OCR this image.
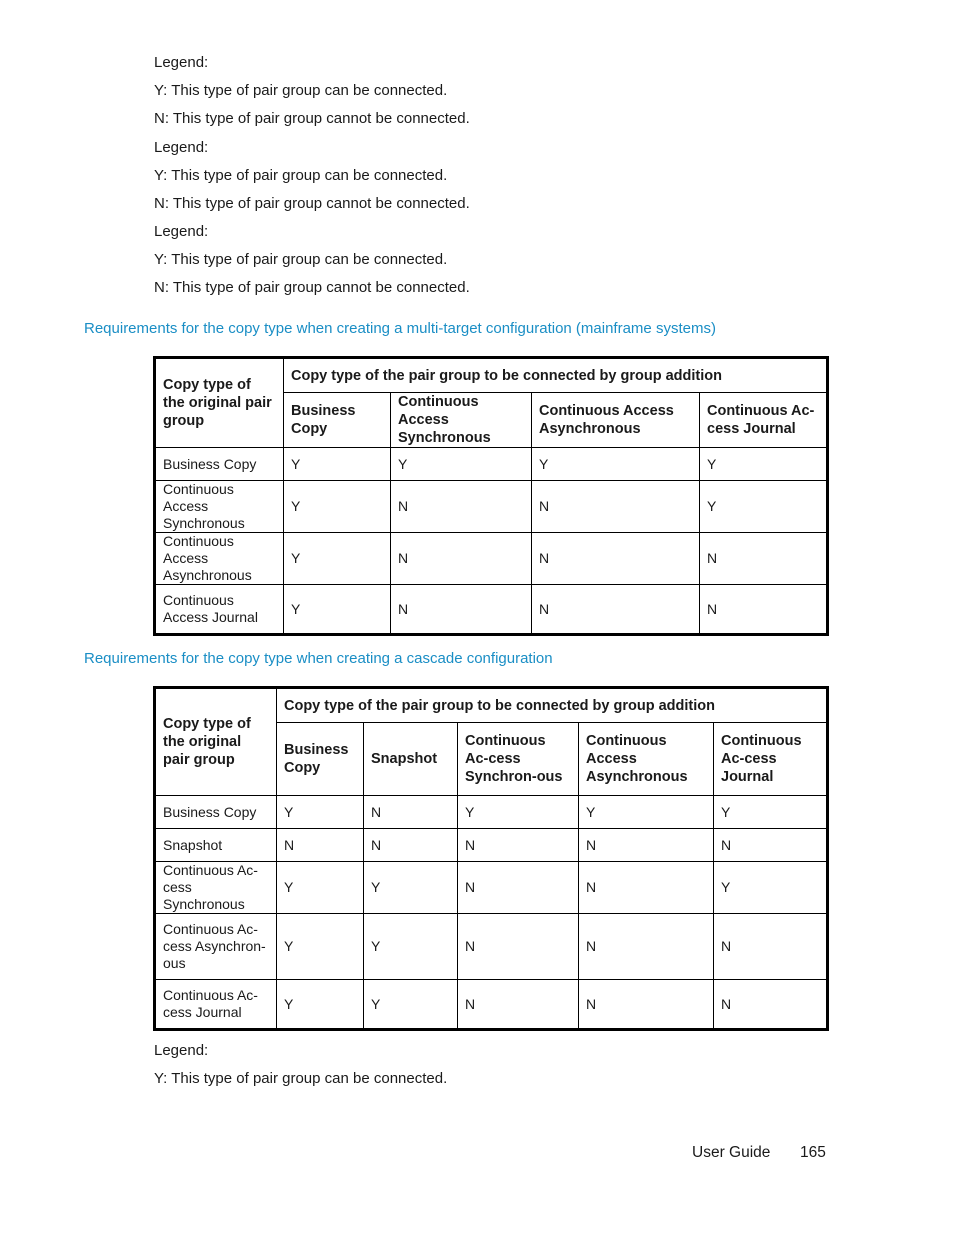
Legend:
Y: This type of pair group can be connected.
N: This type of pair group cannot be connected.
Legend:
Y: This type of pair group can be connected.
N: This type of pair group cannot be connected.
Legend:
Y: This type of pair group can be connected.
N: This type of pair group cannot be connected.
Requirements for the copy type when creating a multi-target configuration (mainframe systems)
Copy type of the original pair group	Copy type of the pair group to be connected by group addition			
	Business Copy	Continuous Access Synchronous	Continuous Access Asynchronous	Continuous Ac-cess Journal
Business Copy	Y	Y	Y	Y
Continuous Access Synchronous	Y	N	N	Y
Continuous Access Asynchronous	Y	N	N	N
Continuous Access Journal	Y	N	N	N
Requirements for the copy type when creating a cascade configuration
Copy type of the original pair group	Copy type of the pair group to be connected by group addition				
	Business Copy	Snapshot	Continuous Ac-cess Synchron-ous	Continuous Access Asynchronous	Continuous Ac-cess Journal
Business Copy	Y	N	Y	Y	Y
Snapshot	N	N	N	N	N
Continuous Ac-cess Synchronous	Y	Y	N	N	Y
Continuous Ac-cess Asynchron-ous	Y	Y	N	N	N
Continuous Ac-cess Journal	Y	Y	N	N	N
Legend:
Y: This type of pair group can be connected.
User Guide 165
